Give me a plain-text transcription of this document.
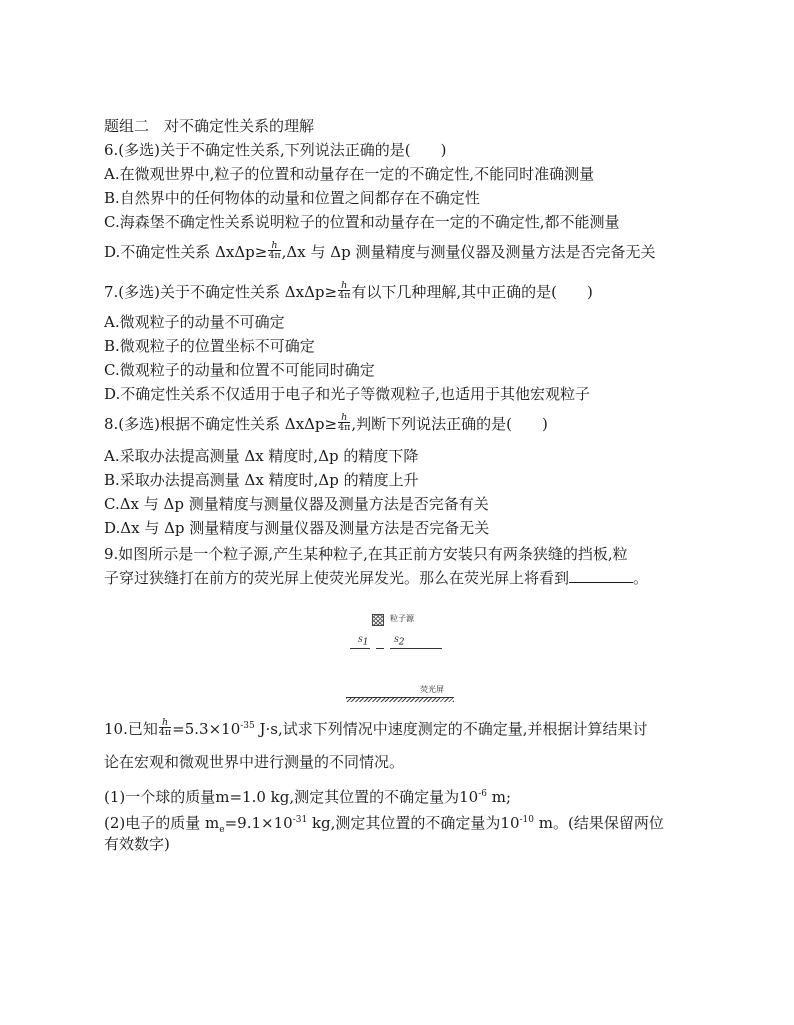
题组二　对不确定性关系的理解
6.(多选)关于不确定性关系,下列说法正确的是(　　)
A.在微观世界中,粒子的位置和动量存在一定的不确定性,不能同时准确测量
B.自然界中的任何物体的动量和位置之间都存在不确定性
C.海森堡不确定性关系说明粒子的位置和动量存在一定的不确定性,都不能测量
D.不确定性关系 $\Delta x\Delta p\ge \frac{h}{4\pi} ,\Delta x$ 与 Δp 测量精度与测量仪器及测量方法是否完备无关
7.(多选)关于不确定性关系 $\Delta x\Delta p\ge \frac{h}{4\pi}$ 有以下几种理解,其中正确的是(　　)
A.微观粒子的动量不可确定
B.微观粒子的位置坐标不可确定
C.微观粒子的动量和位置不可能同时确定
D.不确定性关系不仅适用于电子和光子等微观粒子,也适用于其他宏观粒子
8.(多选)根据不确定性关系 $\Delta x\Delta p\ge \frac{h}{4\pi}$ ,判断下列说法正确的是(　　)
A.采取办法提高测量 Δx 精度时,Δp 的精度下降
B.采取办法提高测量 Δx 精度时,Δp 的精度上升
C.Δx 与 Δp 测量精度与测量仪器及测量方法是否完备有关
D.Δx 与 Δp 测量精度与测量仪器及测量方法是否完备无关
9.如图所示是一个粒子源,产生某种粒子,在其正前方安装只有两条狭缝的挡板,粒
子穿过狭缝打在前方的荧光屏上使荧光屏发光。那么在荧光屏上将看到	。
粒子源
$S_1$	$S_2$
荧光屏
10.已知 $\frac{h}{4\pi} =5.3\times 10^{-35}$ J·s,试求下列情况中速度测定的不确定量,并根据计算结果讨
论在宏观和微观世界中进行测量的不同情况。
(1)一个球的质量m=1.0 kg,测定其位置的不确定量为$10^{-6}$ m;
(2)电子的质量 $m_e=9.1\times 10^{-31}$ kg,测定其位置的不确定量为$10^{-10}$ m。(结果保留两位
有效数字)
